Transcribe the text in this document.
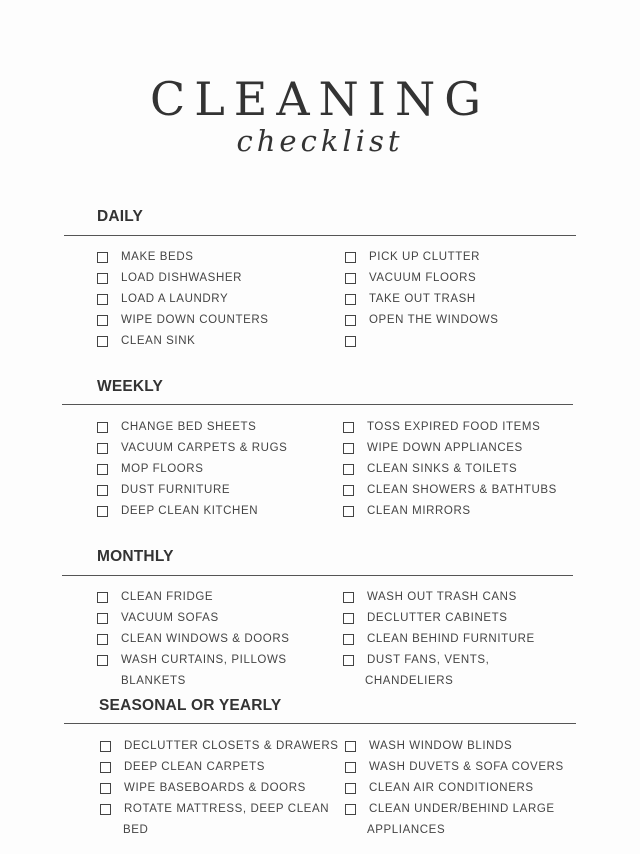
CLEANING
checklist
DAILY
MAKE BEDS
LOAD DISHWASHER
LOAD A LAUNDRY
WIPE DOWN COUNTERS
CLEAN SINK
PICK UP CLUTTER
VACUUM FLOORS
TAKE OUT TRASH
OPEN THE WINDOWS
WEEKLY
CHANGE BED SHEETS
VACUUM CARPETS & RUGS
MOP FLOORS
DUST FURNITURE
DEEP CLEAN KITCHEN
TOSS EXPIRED FOOD ITEMS
WIPE DOWN APPLIANCES
CLEAN SINKS & TOILETS
CLEAN SHOWERS & BATHTUBS
CLEAN MIRRORS
MONTHLY
CLEAN FRIDGE
VACUUM SOFAS
CLEAN WINDOWS & DOORS
WASH CURTAINS, PILLOWS
BLANKETS
WASH OUT TRASH CANS
DECLUTTER CABINETS
CLEAN BEHIND FURNITURE
DUST FANS, VENTS,
CHANDELIERS
SEASONAL OR YEARLY
DECLUTTER CLOSETS & DRAWERS
DEEP CLEAN CARPETS
WIPE BASEBOARDS & DOORS
ROTATE MATTRESS, DEEP CLEAN
BED
WASH WINDOW BLINDS
WASH DUVETS & SOFA COVERS
CLEAN AIR CONDITIONERS
CLEAN UNDER/BEHIND LARGE
APPLIANCES
